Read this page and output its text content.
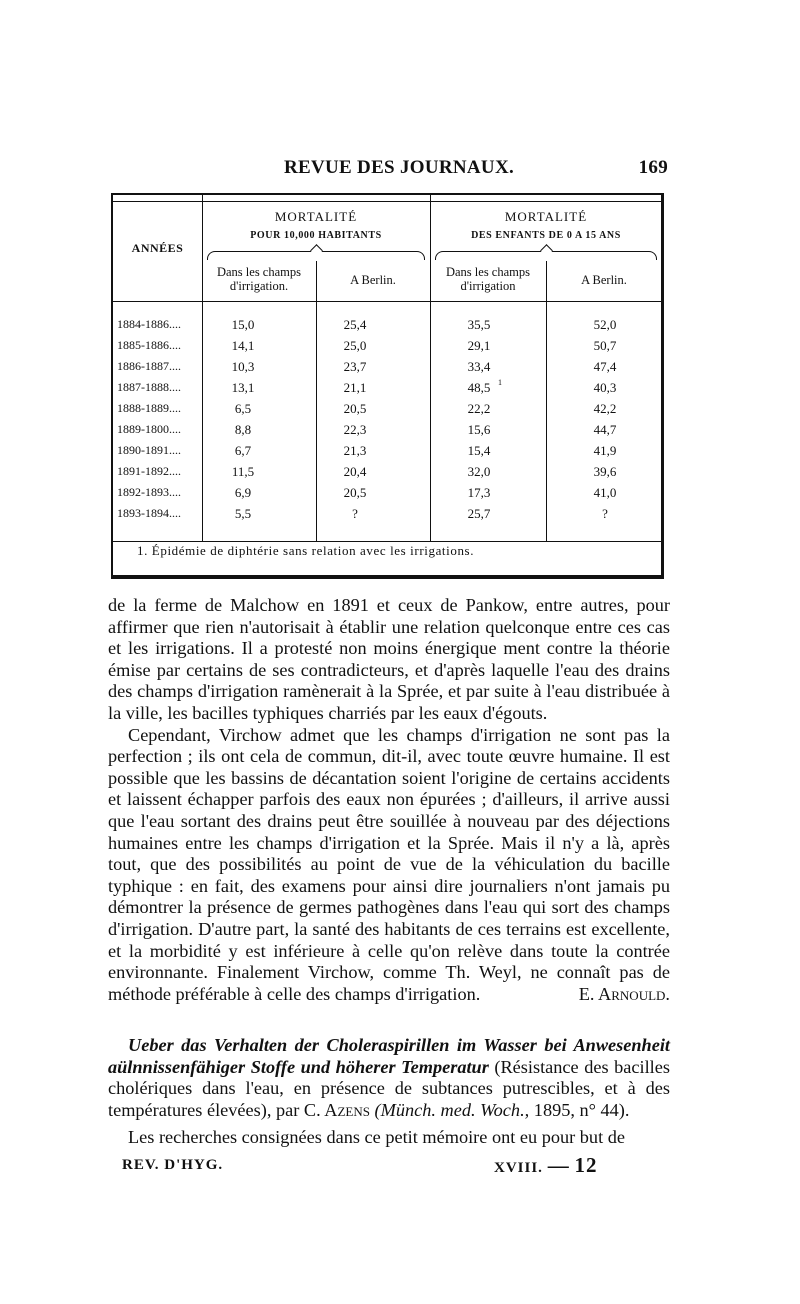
REVUE DES JOURNAUX.	169
ANNÉES
MORTALITÉ
POUR 10,000 HABITANTS
MORTALITÉ
DES ENFANTS DE 0 A 15 ANS
Dans les champs
d'irrigation.	A Berlin.
Dans les champs
d'irrigation	A Berlin.
1884-1886....	15,0	25,4	35,5	52,0
1885-1886....	14,1	25,0	29,1	50,7
1886-1887....	10,3	23,7	33,4	47,4
1887-1888....	13,1	21,1	48,5	40,3
1
1888-1889....	6,5	20,5	22,2	42,2
1889-1800....	8,8	22,3	15,6	44,7
1890-1891....	6,7	21,3	15,4	41,9
1891-1892....	11,5	20,4	32,0	39,6
1892-1893....	6,9	20,5	17,3	41,0
1893-1894....	5,5	?	25,7	?
1. Épidémie de diphtérie sans relation avec les irrigations.

de la ferme de Malchow en 1891 et ceux de Pankow, entre autres, pour affirmer que rien n'autorisait à établir une relation quelconque entre ces cas et les irrigations. Il a protesté non moins énergique ment contre la théorie émise par certains de ses contradicteurs, et d'après laquelle l'eau des drains des champs d'irrigation ramènerait à la Sprée, et par suite à l'eau distribuée à la ville, les bacilles typhiques charriés par les eaux d'égouts.

Cependant, Virchow admet que les champs d'irrigation ne sont pas la perfection ; ils ont cela de commun, dit-il, avec toute œuvre humaine. Il est possible que les bassins de décantation soient l'origine de certains accidents et laissent échapper parfois des eaux non épurées ; d'ailleurs, il arrive aussi que l'eau sortant des drains peut être souillée à nouveau par des déjections humaines entre les champs d'irrigation et la Sprée. Mais il n'y a là, après tout, que des possibilités au point de vue de la véhiculation du bacille typhique : en fait, des examens pour ainsi dire journaliers n'ont jamais pu démontrer la présence de germes pathogènes dans l'eau qui sort des champs d'irrigation. D'autre part, la santé des habitants de ces terrains est excellente, et la morbidité y est inférieure à celle qu'on relève dans toute la contrée environnante. Finalement Virchow, comme Th. Weyl, ne connaît pas de méthode préférable à celle des champs d'irrigation.	E. Arnould.

Ueber das Verhalten der Choleraspirillen im Wasser bei Anwesenheit aülnnissenfähiger Stoffe und höherer Temperatur (Résistance des bacilles cholériques dans l'eau, en présence de subtances putrescibles, et à des températures élevées), par C. Azens (Münch. med. Woch., 1895, n° 44).

Les recherches consignées dans ce petit mémoire ont eu pour but de

REV. D'HYG.	XVIII. — 12
